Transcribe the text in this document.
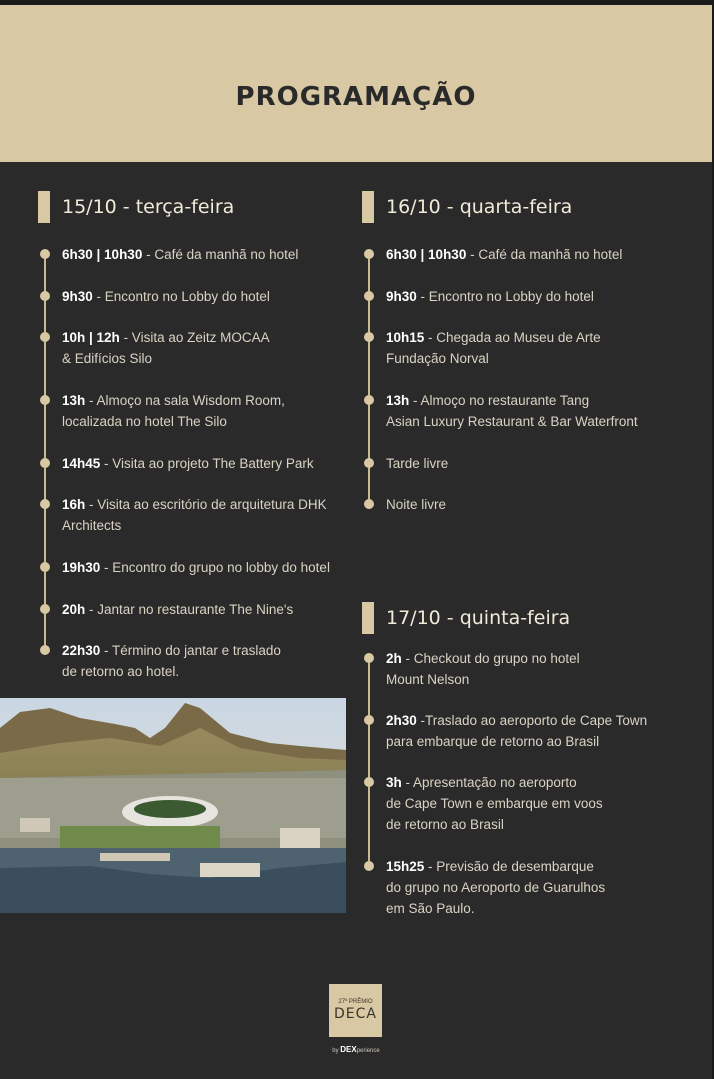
PROGRAMAÇÃO
15/10 - terça-feira	16/10 - quarta-feira
17/10 - quinta-feira
6h30 | 10h30 - Café da manhã no hotel
9h30 - Encontro no Lobby do hotel
10h | 12h - Visita ao Zeitz MOCAA
& Edifícios Silo
13h - Almoço na sala Wisdom Room,
localizada no hotel The Silo
14h45 - Visita ao projeto The Battery Park
16h - Visita ao escritório de arquitetura DHK
Architects
19h30 - Encontro do grupo no lobby do hotel
20h - Jantar no restaurante The Nine's
22h30 - Término do jantar e traslado
de retorno ao hotel.
6h30 | 10h30 - Café da manhã no hotel
9h30 - Encontro no Lobby do hotel
10h15 - Chegada ao Museu de Arte
Fundação Norval
13h - Almoço no restaurante Tang
Asian Luxury Restaurant & Bar Waterfront
Tarde livre
Noite livre
2h - Checkout do grupo no hotel
Mount Nelson
2h30 -Traslado ao aeroporto de Cape Town
para embarque de retorno ao Brasil
3h - Apresentação no aeroporto
de Cape Town e embarque em voos
de retorno ao Brasil
15h25 - Previsão de desembarque
do grupo no Aeroporto de Guarulhos
em São Paulo.
27º PRÊMIO
DECA
by DEXperience
